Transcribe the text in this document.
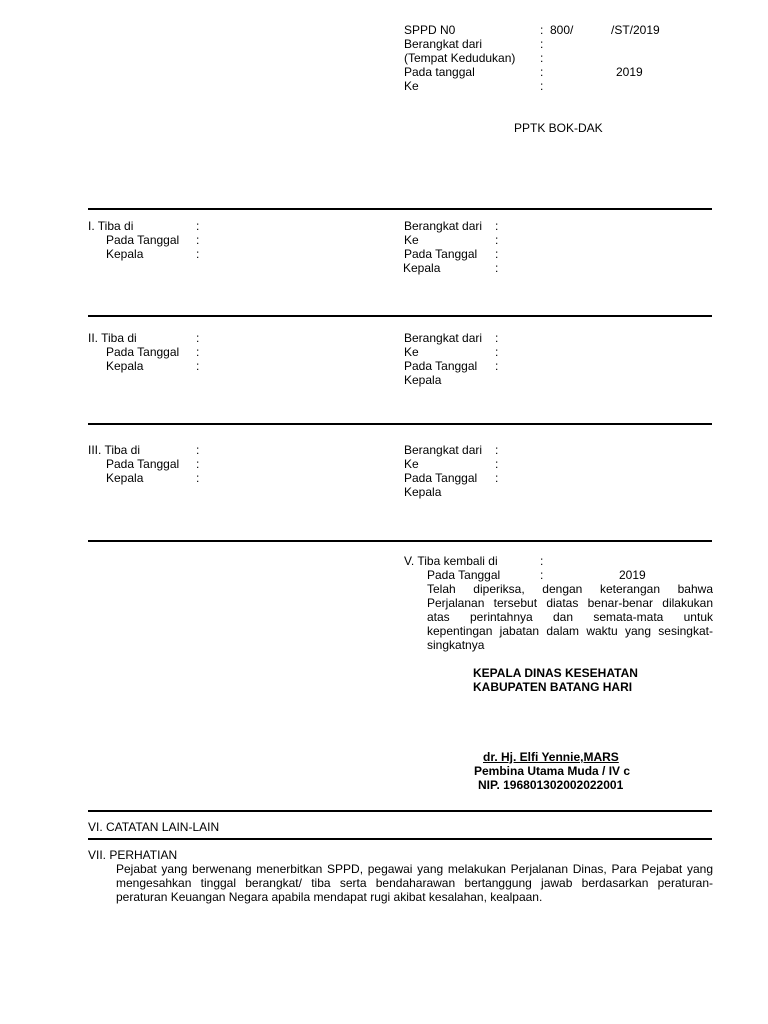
SPPD N0	: 800/	/ST/2019
Berangkat dari	:
(Tempat Kedudukan) :
Pada tanggal	:	2019
Ke	:
PPTK BOK-DAK
I. Tiba di	:
Pada Tanggal :
Kepala	:
Berangkat dari :
Ke	:
Pada Tanggal :
Kepala	:
II. Tiba di	:
Pada Tanggal :
Kepala	:
Berangkat dari :
Ke	:
Pada Tanggal :
Kepala
III. Tiba di	:
Pada Tanggal :
Kepala	:
Berangkat dari :
Ke	:
Pada Tanggal :
Kepala
V. Tiba kembali di	:
Pada Tanggal	:	2019
Telah diperiksa, dengan keterangan bahwa
Perjalanan tersebut diatas benar-benar dilakukan
atas perintahnya dan semata-mata untuk
kepentingan jabatan dalam waktu yang sesingkat-
singkatnya
KEPALA DINAS KESEHATAN
KABUPATEN BATANG HARI
dr. Hj. Elfi Yennie,MARS
Pembina Utama Muda / IV c
NIP. 196801302002022001
VI. CATATAN LAIN-LAIN
VII. PERHATIAN
Pejabat yang berwenang menerbitkan SPPD, pegawai yang melakukan Perjalanan Dinas, Para Pejabat yang
mengesahkan tinggal berangkat/ tiba serta bendaharawan bertanggung jawab berdasarkan peraturan-
peraturan Keuangan Negara apabila mendapat rugi akibat kesalahan, kealpaan.
